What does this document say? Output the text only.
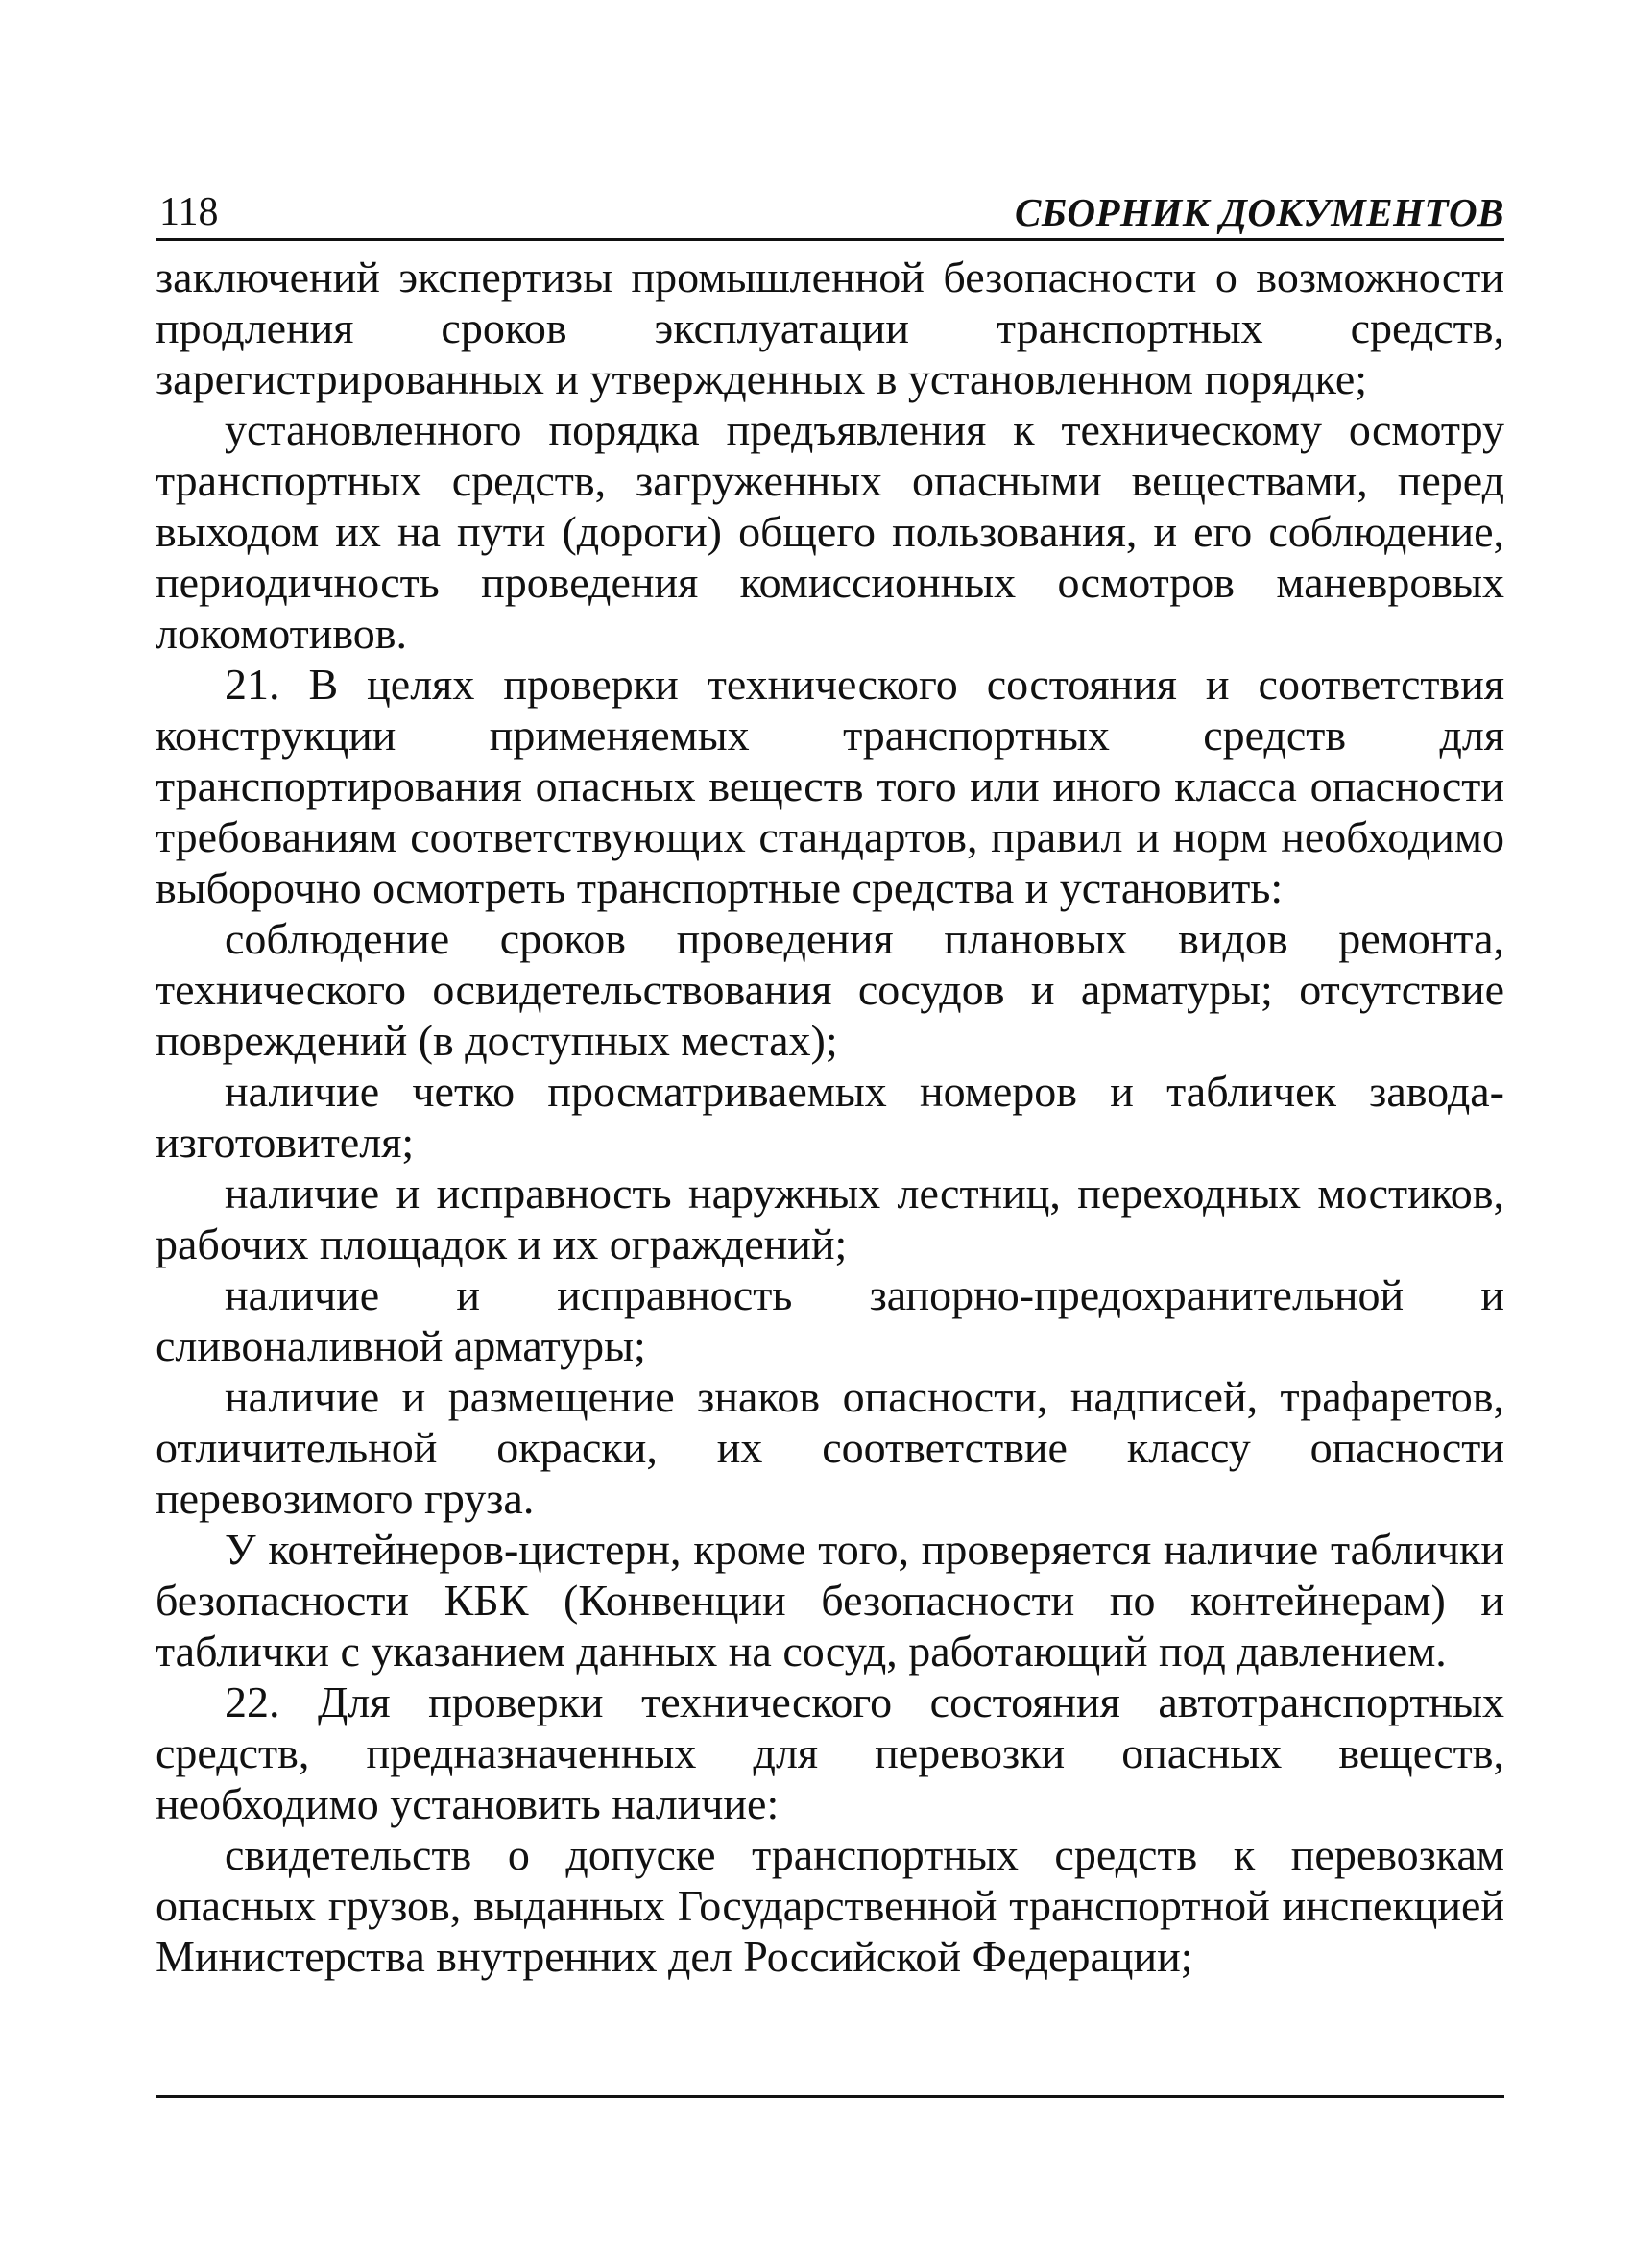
118	СБОРНИК ДОКУМЕНТОВ

заключений экспертизы промышленной безопасности о возможности продления сроков эксплуатации транспортных средств, зарегистрированных и утвержденных в установленном порядке;

установленного порядка предъявления к техническому осмотру транспортных средств, загруженных опасными веществами, перед выходом их на пути (дороги) общего пользования, и его соблюдение, периодичность проведения комиссионных осмотров маневровых локомотивов.

21. В целях проверки технического состояния и соответствия конструкции применяемых транспортных средств для транспортирования опасных веществ того или иного класса опасности требованиям соответствующих стандартов, правил и норм необходимо выборочно осмотреть транспортные средства и установить:

соблюдение сроков проведения плановых видов ремонта, технического освидетельствования сосудов и арматуры; отсутствие повреждений (в доступных местах);

наличие четко просматриваемых номеров и табличек завода-изготовителя;

наличие и исправность наружных лестниц, переходных мостиков, рабочих площадок и их ограждений;

наличие и исправность запорно-предохранительной и сливоналивной арматуры;

наличие и размещение знаков опасности, надписей, трафаретов, отличительной окраски, их соответствие классу опасности перевозимого груза.

У контейнеров-цистерн, кроме того, проверяется наличие таблички безопасности КБК (Конвенции безопасности по контейнерам) и таблички с указанием данных на сосуд, работающий под давлением.

22. Для проверки технического состояния автотранспортных средств, предназначенных для перевозки опасных веществ, необходимо установить наличие:

свидетельств о допуске транспортных средств к перевозкам опасных грузов, выданных Государственной транспортной инспекцией Министерства внутренних дел Российской Федерации;
